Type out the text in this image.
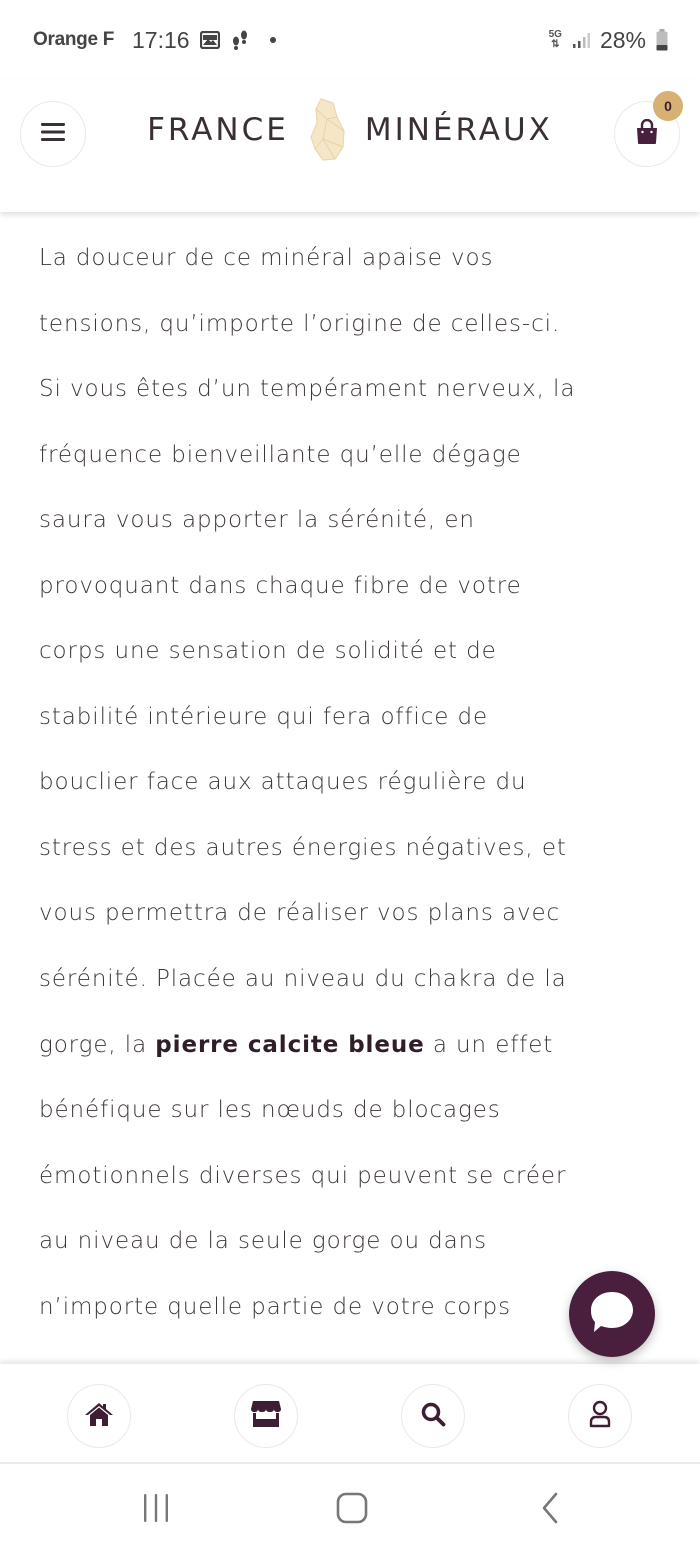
Orange F 17:16	5G
⇅ 28%
FRANCE MINÉRAUX
0
La douceur de ce minéral apaise vos
tensions, qu’importe l’origine de celles-ci.
Si vous êtes d’un tempérament nerveux, la
fréquence bienveillante qu’elle dégage
saura vous apporter la sérénité, en
provoquant dans chaque fibre de votre
corps une sensation de solidité et de
stabilité intérieure qui fera office de
bouclier face aux attaques régulière du
stress et des autres énergies négatives, et
vous permettra de réaliser vos plans avec
sérénité. Placée au niveau du chakra de la
gorge, la pierre calcite bleue a un effet
bénéfique sur les nœuds de blocages
émotionnels diverses qui peuvent se créer
au niveau de la seule gorge ou dans
n’importe quelle partie de votre corps
